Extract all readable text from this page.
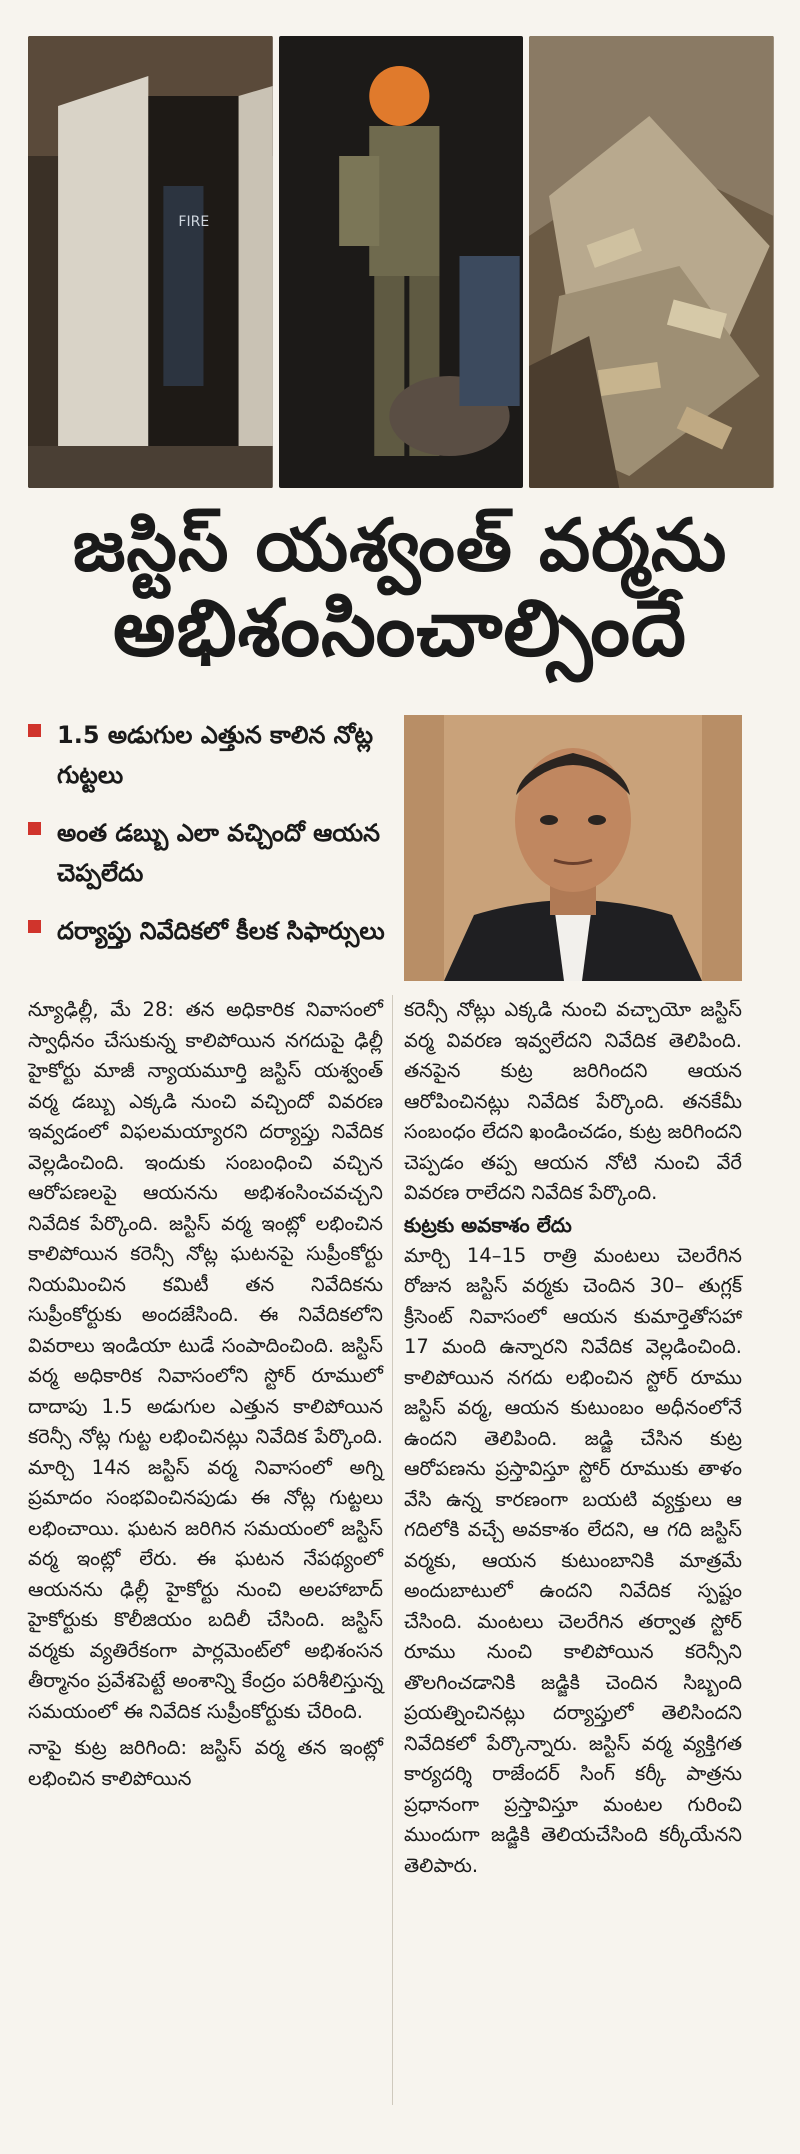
FIRE
జస్టిస్ యశ్వంత్ వర్మను
అభిశంసించాల్సిందే
1.5 అడుగుల ఎత్తున కాలిన నోట్ల గుట్టలు
అంత డబ్బు ఎలా వచ్చిందో ఆయన చెప్పలేదు
దర్యాప్తు నివేదికలో కీలక సిఫార్సులు

న్యూఢిల్లీ, మే 28: తన అధికారిక నివాసంలో స్వాధీనం చేసుకున్న కాలిపోయిన నగదుపై ఢిల్లీ హైకోర్టు మాజీ న్యాయమూర్తి జస్టిస్ యశ్వంత్ వర్మ డబ్బు ఎక్కడి నుంచి వచ్చిందో వివరణ ఇవ్వడంలో విఫలమయ్యారని దర్యాప్తు నివేదిక వెల్లడించింది. ఇందుకు సంబంధించి వచ్చిన ఆరోపణలపై ఆయనను అభిశంసించవచ్చని నివేదిక పేర్కొంది. జస్టిస్ వర్మ ఇంట్లో లభించిన కాలిపోయిన కరెన్సీ నోట్ల ఘటనపై సుప్రీంకోర్టు నియమించిన కమిటీ తన నివేదికను సుప్రీంకోర్టుకు అందజేసింది. ఈ నివేదికలోని వివరాలు ఇండియా టుడే సంపాదించింది. జస్టిస్ వర్మ అధికారిక నివాసంలోని స్టోర్ రూములో దాదాపు 1.5 అడుగుల ఎత్తున కాలిపోయిన కరెన్సీ నోట్ల గుట్ట లభించినట్లు నివేదిక పేర్కొంది. మార్చి 14న జస్టిస్ వర్మ నివాసంలో అగ్ని ప్రమాదం సంభవించినపుడు ఈ నోట్ల గుట్టలు లభించాయి. ఘటన జరిగిన సమయంలో జస్టిస్ వర్మ ఇంట్లో లేరు. ఈ ఘటన నేపథ్యంలో ఆయనను ఢిల్లీ హైకోర్టు నుంచి అలహాబాద్ హైకోర్టుకు కొలీజియం బదిలీ చేసింది. జస్టిస్ వర్మకు వ్యతిరేకంగా పార్లమెంట్‌లో అభిశంసన తీర్మానం ప్రవేశపెట్టే అంశాన్ని కేంద్రం పరిశీలిస్తున్న సమయంలో ఈ నివేదిక సుప్రీంకోర్టుకు చేరింది.

నాపై కుట్ర జరిగింది: జస్టిస్ వర్మ తన ఇంట్లో లభించిన కాలిపోయిన

కరెన్సీ నోట్లు ఎక్కడి నుంచి వచ్చాయో జస్టిస్ వర్మ వివరణ ఇవ్వలేదని నివేదిక తెలిపింది. తనపైన కుట్ర జరిగిందని ఆయన ఆరోపించినట్లు నివేదిక పేర్కొంది. తనకేమీ సంబంధం లేదని ఖండించడం, కుట్ర జరిగిందని చెప్పడం తప్ప ఆయన నోటి నుంచి వేరే వివరణ రాలేదని నివేదిక పేర్కొంది.

కుట్రకు అవకాశం లేదు

మార్చి 14–15 రాత్రి మంటలు చెలరేగిన రోజున జస్టిస్ వర్మకు చెందిన 30– తుగ్లక్ క్రీసెంట్ నివాసంలో ఆయన కుమార్తెతోసహా 17 మంది ఉన్నారని నివేదిక వెల్లడించింది. కాలిపోయిన నగదు లభించిన స్టోర్ రూము జస్టిస్ వర్మ, ఆయన కుటుంబం అధీనంలోనే ఉందని తెలిపింది. జడ్జి చేసిన కుట్ర ఆరోపణను ప్రస్తావిస్తూ స్టోర్ రూముకు తాళం వేసి ఉన్న కారణంగా బయటి వ్యక్తులు ఆ గదిలోకి వచ్చే అవకాశం లేదని, ఆ గది జస్టిస్ వర్మకు, ఆయన కుటుంబానికి మాత్రమే అందుబాటులో ఉందని నివేదిక స్పష్టం చేసింది. మంటలు చెలరేగిన తర్వాత స్టోర్ రూము నుంచి కాలిపోయిన కరెన్సీని తొలగించడానికి జడ్జికి చెందిన సిబ్బంది ప్రయత్నించినట్లు దర్యాప్తులో తెలిసిందని నివేదికలో పేర్కొన్నారు. జస్టిస్ వర్మ వ్యక్తిగత కార్యదర్శి రాజేందర్ సింగ్ కర్కీ పాత్రను ప్రధానంగా ప్రస్తావిస్తూ మంటల గురించి ముందుగా జడ్జికి తెలియచేసింది కర్కీయేనని తెలిపారు.
